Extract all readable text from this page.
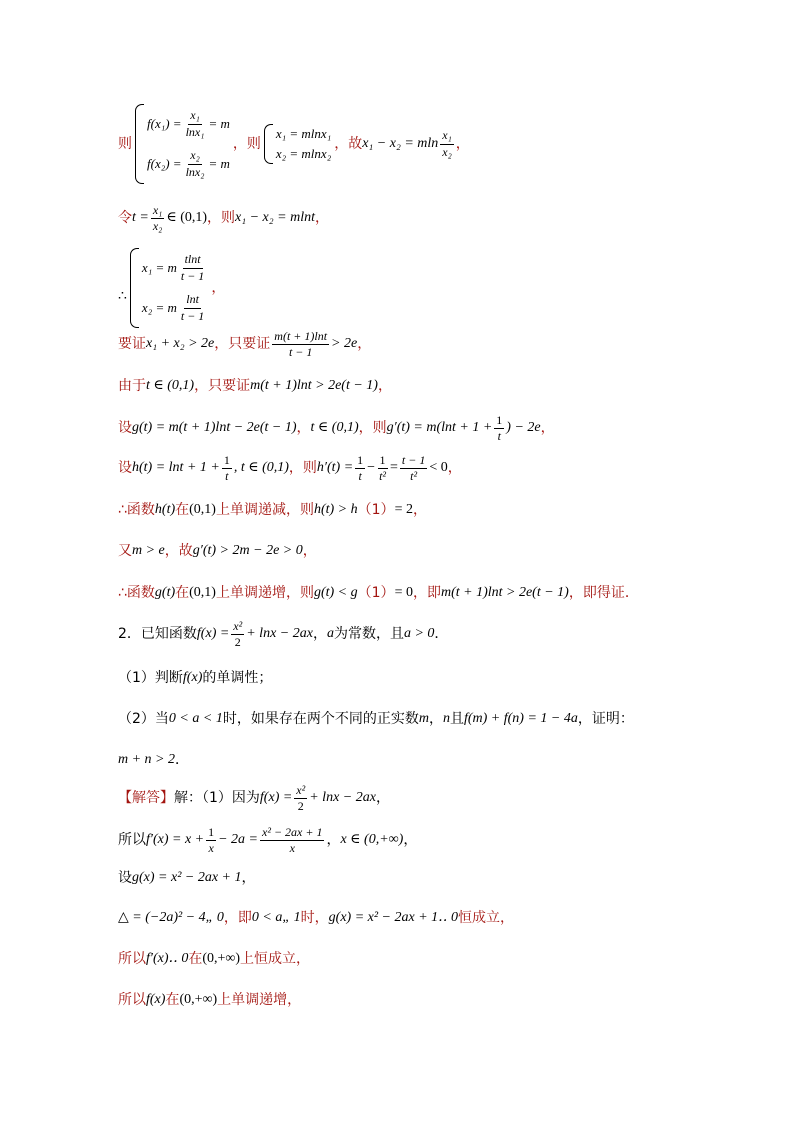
则
$f(x_1) = \frac{\text{x₁}}{\text{lnx₁}} = m$
$f(x_2) = \frac{\text{x₂}}{\text{lnx₂}} = m$
，则
x₁ = mlnx₁
x₂ = mlnx₂
，故 x₁ − x₂ = mln $\frac{\text{x₁}}{\text{x₂}}$ ，
令 $t = \frac{\text{x₁}}{\text{x₂}}$ ∈ (0,1) ，则 x₁ − x₂ = mlnt ，
∴
x₁ = m $\frac{tlnt}{t - 1}$
x₂ = m $\frac{\ln t}{t - 1}$
，
要证 x₁ + x₂ > 2e ，只要证 $\frac{m(t + 1)\ln t}{t - 1} > 2e$ ，
由于 t ∈ (0,1) ，只要证 m(t + 1)lnt > 2e(t − 1) ，
设 g(t) = m(t + 1)lnt − 2e(t − 1) ， t ∈ (0,1) ，则 $g'(t) = m(\ln t + 1 + \frac{1}{t}$ ) − 2e ，
设 $h(t) = \ln t + 1 + \frac{1}{t}$ , t ∈ (0,1) ，则 $h'(t) = \frac{1}{t} - \frac{1}{\text{t²}} = \frac{t - 1}{\text{t²}} < 0$ ，
∴函数 h(t) 在 (0,1) 上单调递减，则 h(t) > h （1） = 2 ，
又 m > e ，故 g′(t) > 2m − 2e > 0 ，
∴函数 g(t) 在 (0,1) 上单调递增，则 g(t) < g （1） = 0 ，即 m(t + 1)lnt > 2e(t − 1) ，即得证．
2．已知函数 $f(x) = \frac{\text{x²}}{2} + \ln x - 2ax$ ， a 为常数，且 a > 0 ．
（1）判断 f(x) 的单调性；
（2）当 0 < a < 1 时，如果存在两个不同的正实数 m ， n 且 f(m) + f(n) = 1 − 4a ，证明：
m + n > 2 ．
【解答】 解：（1）因为 $f(x) = \frac{\text{x²}}{2} + \ln x - 2ax$ ，
所以 $f'(x) = x + \frac{1}{x} - 2a = \frac{\text{x² − 2ax + 1}}{x}$ ， x ∈ (0,+∞) ，
设 g(x) = x² − 2ax + 1 ，
△ = (−2a)² − 4„ 0 ，即 0 < a„ 1 时， g(x) = x² − 2ax + 1‥ 0 恒成立，
所以 f′(x)‥ 0 在 (0,+∞) 上恒成立，
所以 f(x) 在 (0,+∞) 上单调递增，
